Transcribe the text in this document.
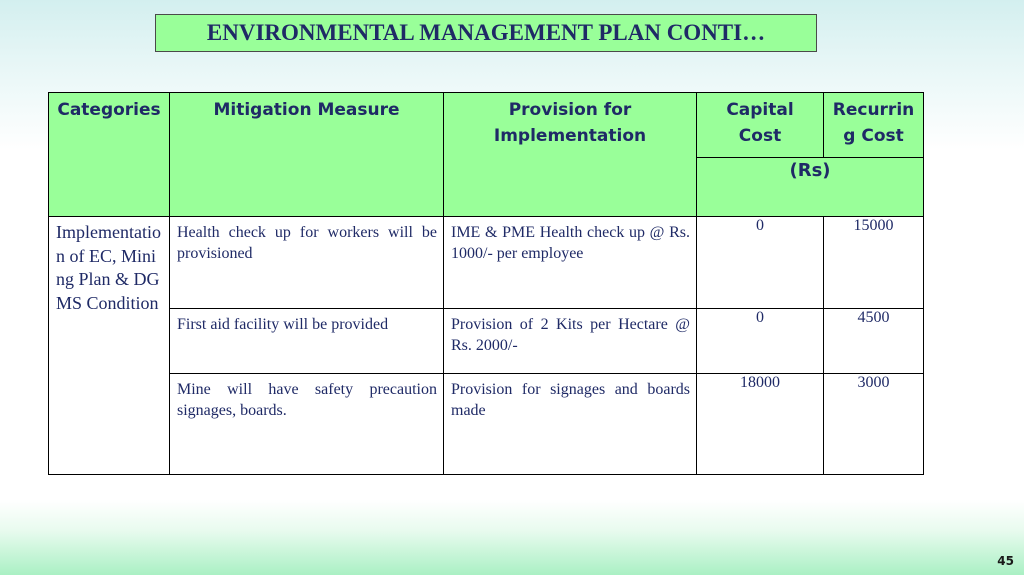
ENVIRONMENTAL MANAGEMENT PLAN CONTI…
Categories	Mitigation Measure	Provision for Implementation	Capital Cost	Recurring Cost
			(Rs)	
Implementation of EC, Mining Plan & DGMS Condition	Health check up for workers will be provisioned	IME & PME Health check up @ Rs. 1000/- per employee	0	15000
	First aid facility will be provided	Provision of 2 Kits per Hectare @ Rs. 2000/-	0	4500
	Mine will have safety precaution signages, boards.	Provision for signages and boards made	18000	3000
45
